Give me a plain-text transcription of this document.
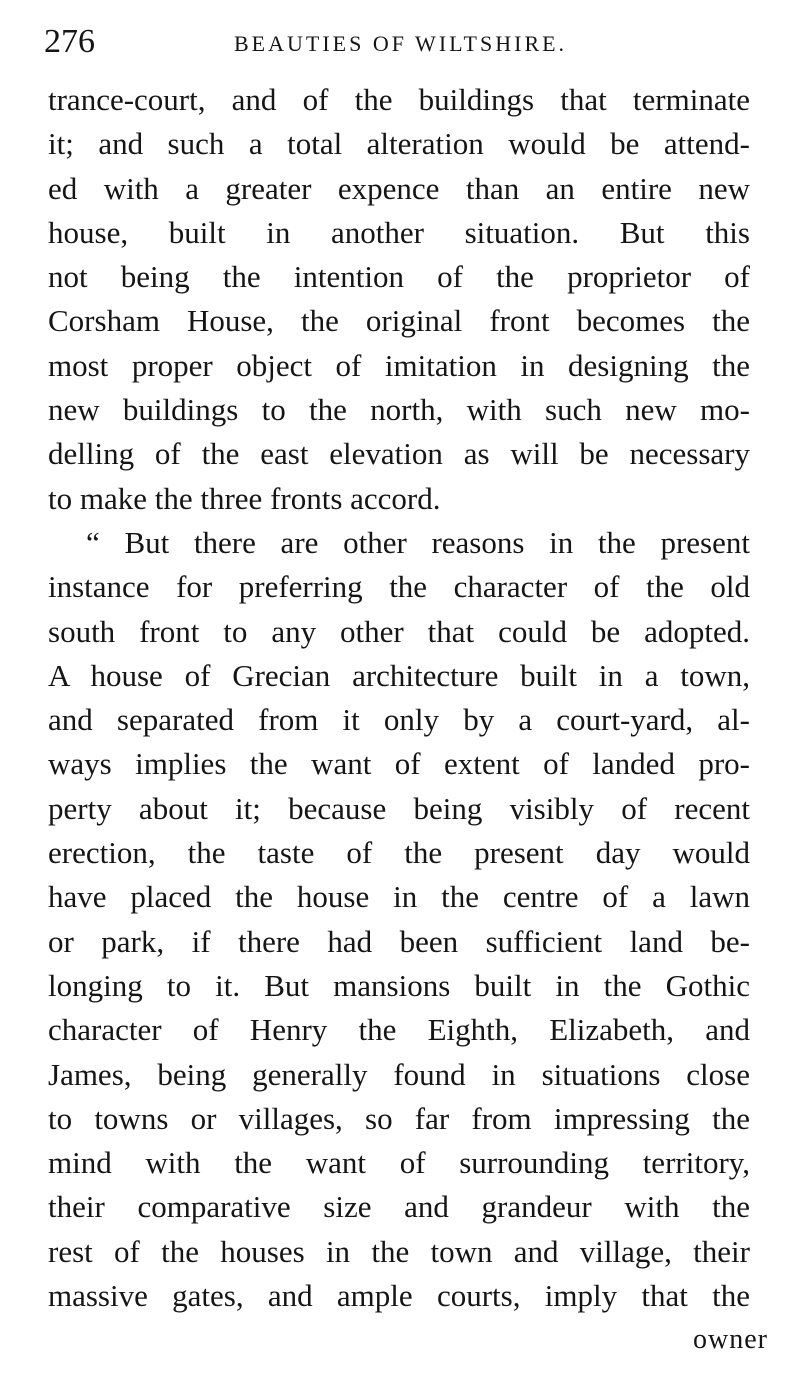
276	BEAUTIES OF WILTSHIRE.
trance-court, and of the buildings that terminate
it; and such a total alteration would be attend-
ed with a greater expence than an entire new
house, built in another situation. But this
not being the intention of the proprietor of
Corsham House, the original front becomes the
most proper object of imitation in designing the
new buildings to the north, with such new mo-
delling of the east elevation as will be necessary
to make the three fronts accord.
“ But there are other reasons in the present
instance for preferring the character of the old
south front to any other that could be adopted.
A house of Grecian architecture built in a town,
and separated from it only by a court-yard, al-
ways implies the want of extent of landed pro-
perty about it; because being visibly of recent
erection, the taste of the present day would
have placed the house in the centre of a lawn
or park, if there had been sufficient land be-
longing to it. But mansions built in the Gothic
character of Henry the Eighth, Elizabeth, and
James, being generally found in situations close
to towns or villages, so far from impressing the
mind with the want of surrounding territory,
their comparative size and grandeur with the
rest of the houses in the town and village, their
massive gates, and ample courts, imply that the
owner
